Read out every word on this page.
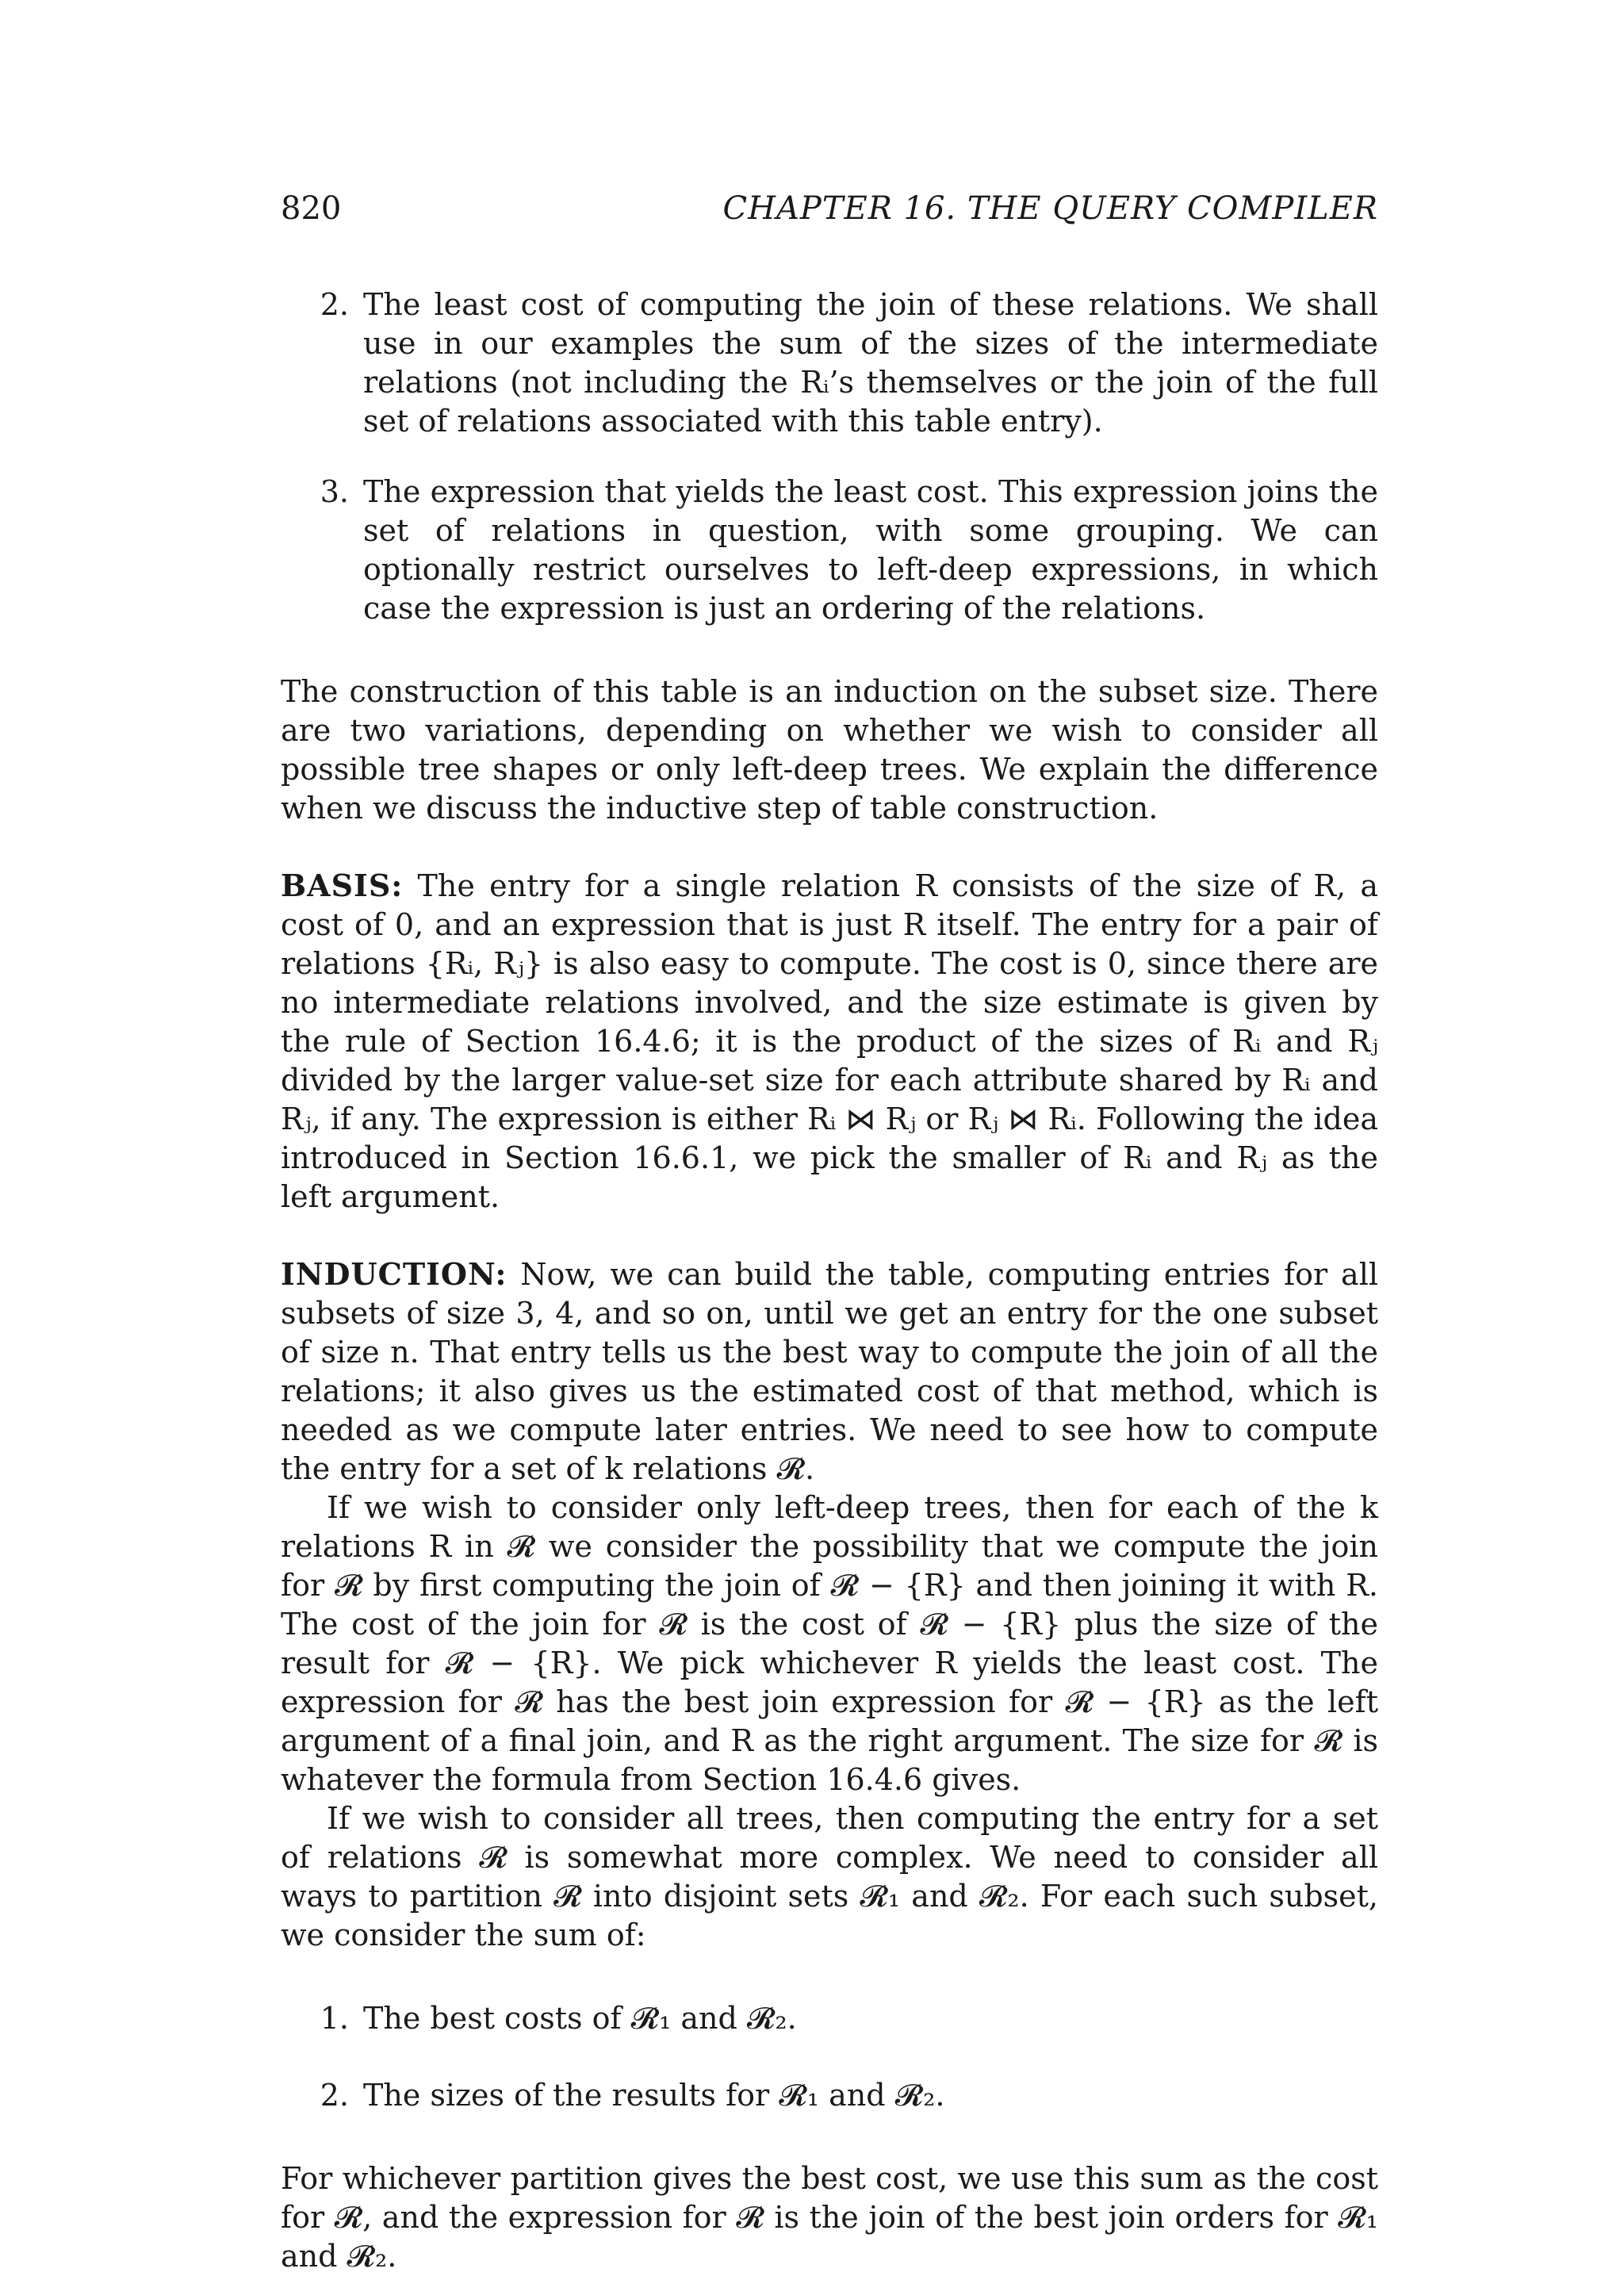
820	CHAPTER 16. THE QUERY COMPILER
2. The least cost of computing the join of these relations. We shall use in our examples the sum of the sizes of the intermediate relations (not including the Rᵢ’s themselves or the join of the full set of relations associated with this table entry).
3. The expression that yields the least cost. This expression joins the set of relations in question, with some grouping. We can optionally restrict ourselves to left-deep expressions, in which case the expression is just an ordering of the relations.

The construction of this table is an induction on the subset size. There are two variations, depending on whether we wish to consider all possible tree shapes or only left-deep trees. We explain the difference when we discuss the inductive step of table construction.

BASIS: The entry for a single relation R consists of the size of R, a cost of 0, and an expression that is just R itself. The entry for a pair of relations {Rᵢ, Rⱼ} is also easy to compute. The cost is 0, since there are no intermediate relations involved, and the size estimate is given by the rule of Section 16.4.6; it is the product of the sizes of Rᵢ and Rⱼ divided by the larger value-set size for each attribute shared by Rᵢ and Rⱼ, if any. The expression is either Rᵢ ⋈ Rⱼ or Rⱼ ⋈ Rᵢ. Following the idea introduced in Section 16.6.1, we pick the smaller of Rᵢ and Rⱼ as the left argument.

INDUCTION: Now, we can build the table, computing entries for all subsets of size 3, 4, and so on, until we get an entry for the one subset of size n. That entry tells us the best way to compute the join of all the relations; it also gives us the estimated cost of that method, which is needed as we compute later entries. We need to see how to compute the entry for a set of k relations 𝓡.

If we wish to consider only left-deep trees, then for each of the k relations R in 𝓡 we consider the possibility that we compute the join for 𝓡 by first computing the join of 𝓡 − {R} and then joining it with R. The cost of the join for 𝓡 is the cost of 𝓡 − {R} plus the size of the result for 𝓡 − {R}. We pick whichever R yields the least cost. The expression for 𝓡 has the best join expression for 𝓡 − {R} as the left argument of a final join, and R as the right argument. The size for 𝓡 is whatever the formula from Section 16.4.6 gives.

If we wish to consider all trees, then computing the entry for a set of relations 𝓡 is somewhat more complex. We need to consider all ways to partition 𝓡 into disjoint sets 𝓡₁ and 𝓡₂. For each such subset, we consider the sum of:

1. The best costs of 𝓡₁ and 𝓡₂.
2. The sizes of the results for 𝓡₁ and 𝓡₂.

For whichever partition gives the best cost, we use this sum as the cost for 𝓡, and the expression for 𝓡 is the join of the best join orders for 𝓡₁ and 𝓡₂.
